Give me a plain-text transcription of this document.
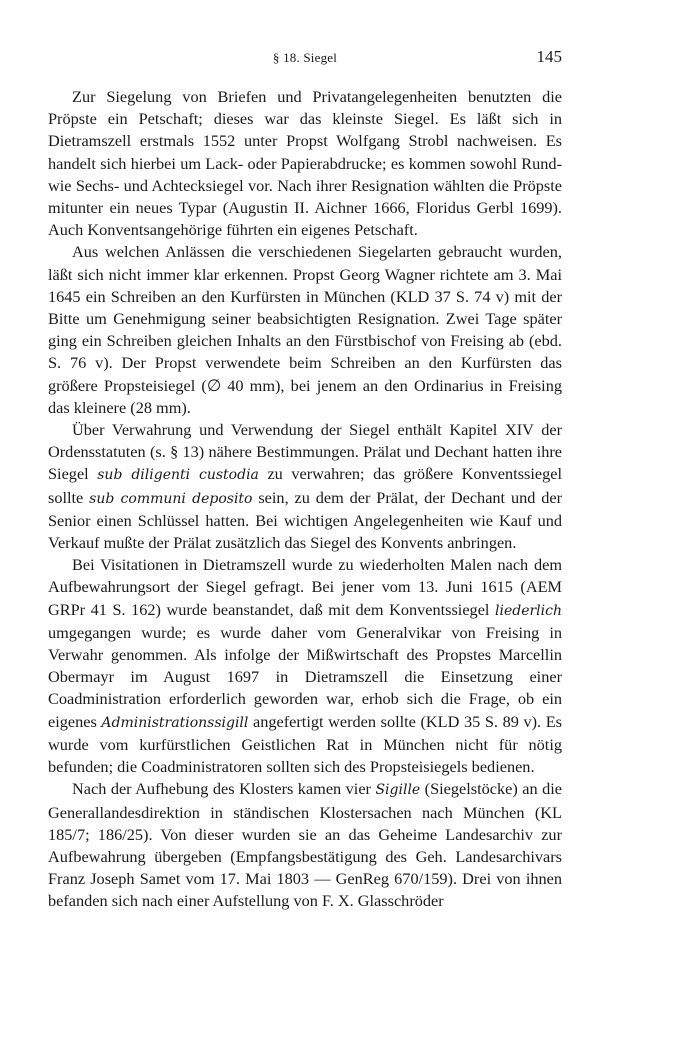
§ 18. Siegel	145

Zur Siegelung von Briefen und Privatangelegenheiten benutzten die Pröpste ein Petschaft; dieses war das kleinste Siegel. Es läßt sich in Dietramszell erstmals 1552 unter Propst Wolfgang Strobl nachweisen. Es handelt sich hierbei um Lack- oder Papierabdrucke; es kommen sowohl Rund- wie Sechs- und Achtecksiegel vor. Nach ihrer Resignation wählten die Pröpste mitunter ein neues Typar (Augustin II. Aichner 1666, Floridus Gerbl 1699). Auch Konventsangehörige führten ein eigenes Petschaft.

Aus welchen Anlässen die verschiedenen Siegelarten gebraucht wurden, läßt sich nicht immer klar erkennen. Propst Georg Wagner richtete am 3. Mai 1645 ein Schreiben an den Kurfürsten in München (KLD 37 S. 74 v) mit der Bitte um Genehmigung seiner beabsichtigten Resignation. Zwei Tage später ging ein Schreiben gleichen Inhalts an den Fürstbischof von Freising ab (ebd. S. 76 v). Der Propst verwendete beim Schreiben an den Kurfürsten das größere Propsteisiegel (∅ 40 mm), bei jenem an den Ordinarius in Freising das kleinere (28 mm).

Über Verwahrung und Verwendung der Siegel enthält Kapitel XIV der Ordensstatuten (s. § 13) nähere Bestimmungen. Prälat und Dechant hatten ihre Siegel sub diligenti custodia zu verwahren; das größere Konventssiegel sollte sub communi deposito sein, zu dem der Prälat, der Dechant und der Senior einen Schlüssel hatten. Bei wichtigen Angelegenheiten wie Kauf und Verkauf mußte der Prälat zusätzlich das Siegel des Konvents anbringen.

Bei Visitationen in Dietramszell wurde zu wiederholten Malen nach dem Aufbewahrungsort der Siegel gefragt. Bei jener vom 13. Juni 1615 (AEM GRPr 41 S. 162) wurde beanstandet, daß mit dem Konventssiegel liederlich umgegangen wurde; es wurde daher vom Generalvikar von Freising in Verwahr genommen. Als infolge der Mißwirtschaft des Propstes Marcellin Obermayr im August 1697 in Dietramszell die Einsetzung einer Coadministration erforderlich geworden war, erhob sich die Frage, ob ein eigenes Administrationssigill angefertigt werden sollte (KLD 35 S. 89 v). Es wurde vom kurfürstlichen Geistlichen Rat in München nicht für nötig befunden; die Coadministratoren sollten sich des Propsteisiegels bedienen.

Nach der Aufhebung des Klosters kamen vier Sigille (Siegelstöcke) an die Generallandesdirektion in ständischen Klostersachen nach München (KL 185/7; 186/25). Von dieser wurden sie an das Geheime Landesarchiv zur Aufbewahrung übergeben (Empfangsbestätigung des Geh. Landesarchivars Franz Joseph Samet vom 17. Mai 1803 — GenReg 670/159). Drei von ihnen befanden sich nach einer Aufstellung von F. X. Glasschröder
